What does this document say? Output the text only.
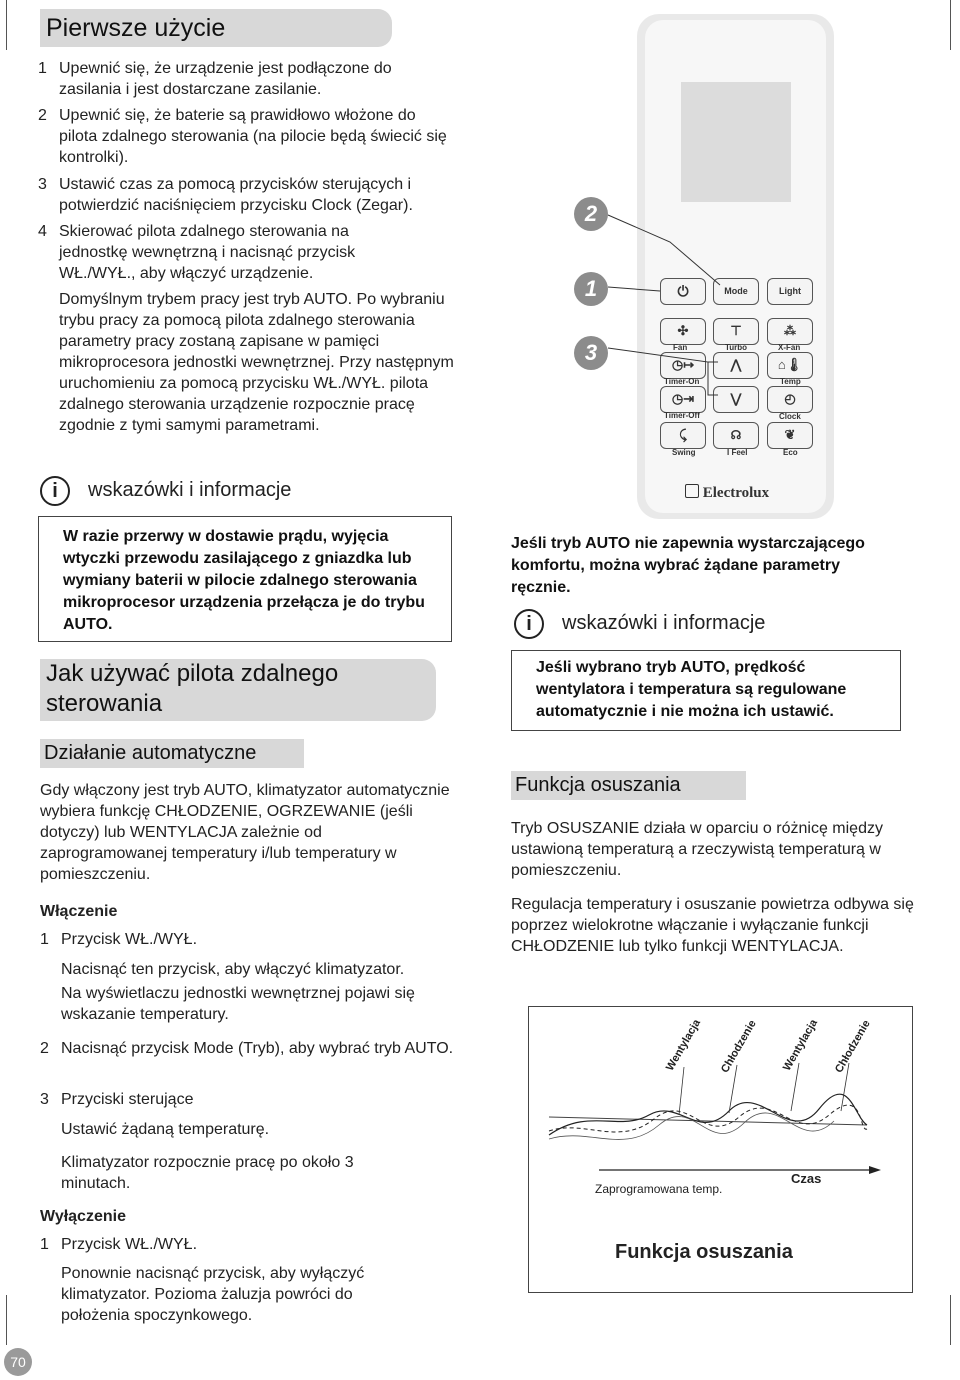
Pierwsze użycie
1 Upewnić się, że urządzenie jest podłączone do zasilania i jest dostarczane zasilanie.
2 Upewnić się, że baterie są prawidłowo włożone do pilota zdalnego sterowania (na pilocie będą świecić się kontrolki).
3 Ustawić czas za pomocą przycisków sterujących i potwierdzić naciśnięciem przycisku Clock (Zegar).
4 Skierować pilota zdalnego sterowania na jednostkę wewnętrzną i nacisnąć przycisk WŁ./WYŁ., aby włączyć urządzenie.
Domyślnym trybem pracy jest tryb AUTO. Po wybraniu trybu pracy za pomocą pilota zdalnego sterowania parametry pracy zostaną zapisane w pamięci mikroprocesora jednostki wewnętrznej. Przy następnym uruchomieniu za pomocą przycisku WŁ./WYŁ. pilota zdalnego sterowania urządzenie rozpocznie pracę zgodnie z tymi samymi parametrami.
i wskazówki i informacje
W razie przerwy w dostawie prądu, wyjęcia wtyczki przewodu zasilającego z gniazdka lub wymiany baterii w pilocie zdalnego sterowania mikroprocesor urządzenia przełącza je do trybu AUTO.
Jak używać pilota zdalnego sterowania
Działanie automatyczne
Gdy włączony jest tryb AUTO, klimatyzator automatycznie wybiera funkcję CHŁODZENIE, OGRZEWANIE (jeśli dotyczy) lub WENTYLACJA zależnie od zaprogramowanej temperatury i/lub temperatury w pomieszczeniu.
Włączenie
1 Przycisk WŁ./WYŁ.
Nacisnąć ten przycisk, aby włączyć klimatyzator.
Na wyświetlaczu jednostki wewnętrznej pojawi się wskazanie temperatury.
2 Nacisnąć przycisk Mode (Tryb), aby wybrać tryb AUTO.
3 Przyciski sterujące
Ustawić żądaną temperaturę.
Klimatyzator rozpocznie pracę po około 3 minutach.
Wyłączenie
1 Przycisk WŁ./WYŁ.
Ponownie nacisnąć przycisk, aby wyłączyć klimatyzator. Pozioma żaluzja powróci do położenia spoczynkowego.
70
Electrolux
⏻	Mode	Light
✣	⊤	⁂
Fan	Turbo	X-Fan
◷↦	⋀	⌂🌡
Timer-On	Temp
◷⇥	⋁	◴
Timer-Off	Clock
⤹	☊	❦
Swing	I Feel	Eco
2
1
3
Jeśli tryb AUTO nie zapewnia wystarczającego komfortu, można wybrać żądane parametry ręcznie.
i wskazówki i informacje
Jeśli wybrano tryb AUTO, prędkość wentylatora i temperatura są regulowane automatycznie i nie można ich ustawić.
Funkcja osuszania
Tryb OSUSZANIE działa w oparciu o różnicę między ustawioną temperaturą a rzeczywistą temperaturą w pomieszczeniu.
Regulacja temperatury i osuszanie powietrza odbywa się poprzez wielokrotne włączanie i wyłączanie funkcji CHŁODZENIE lub tylko funkcji WENTYLACJA.
Wentylacja Chłodzenie Wentylacja Chłodzenie
Czas
Zaprogramowana temp.
Funkcja osuszania
